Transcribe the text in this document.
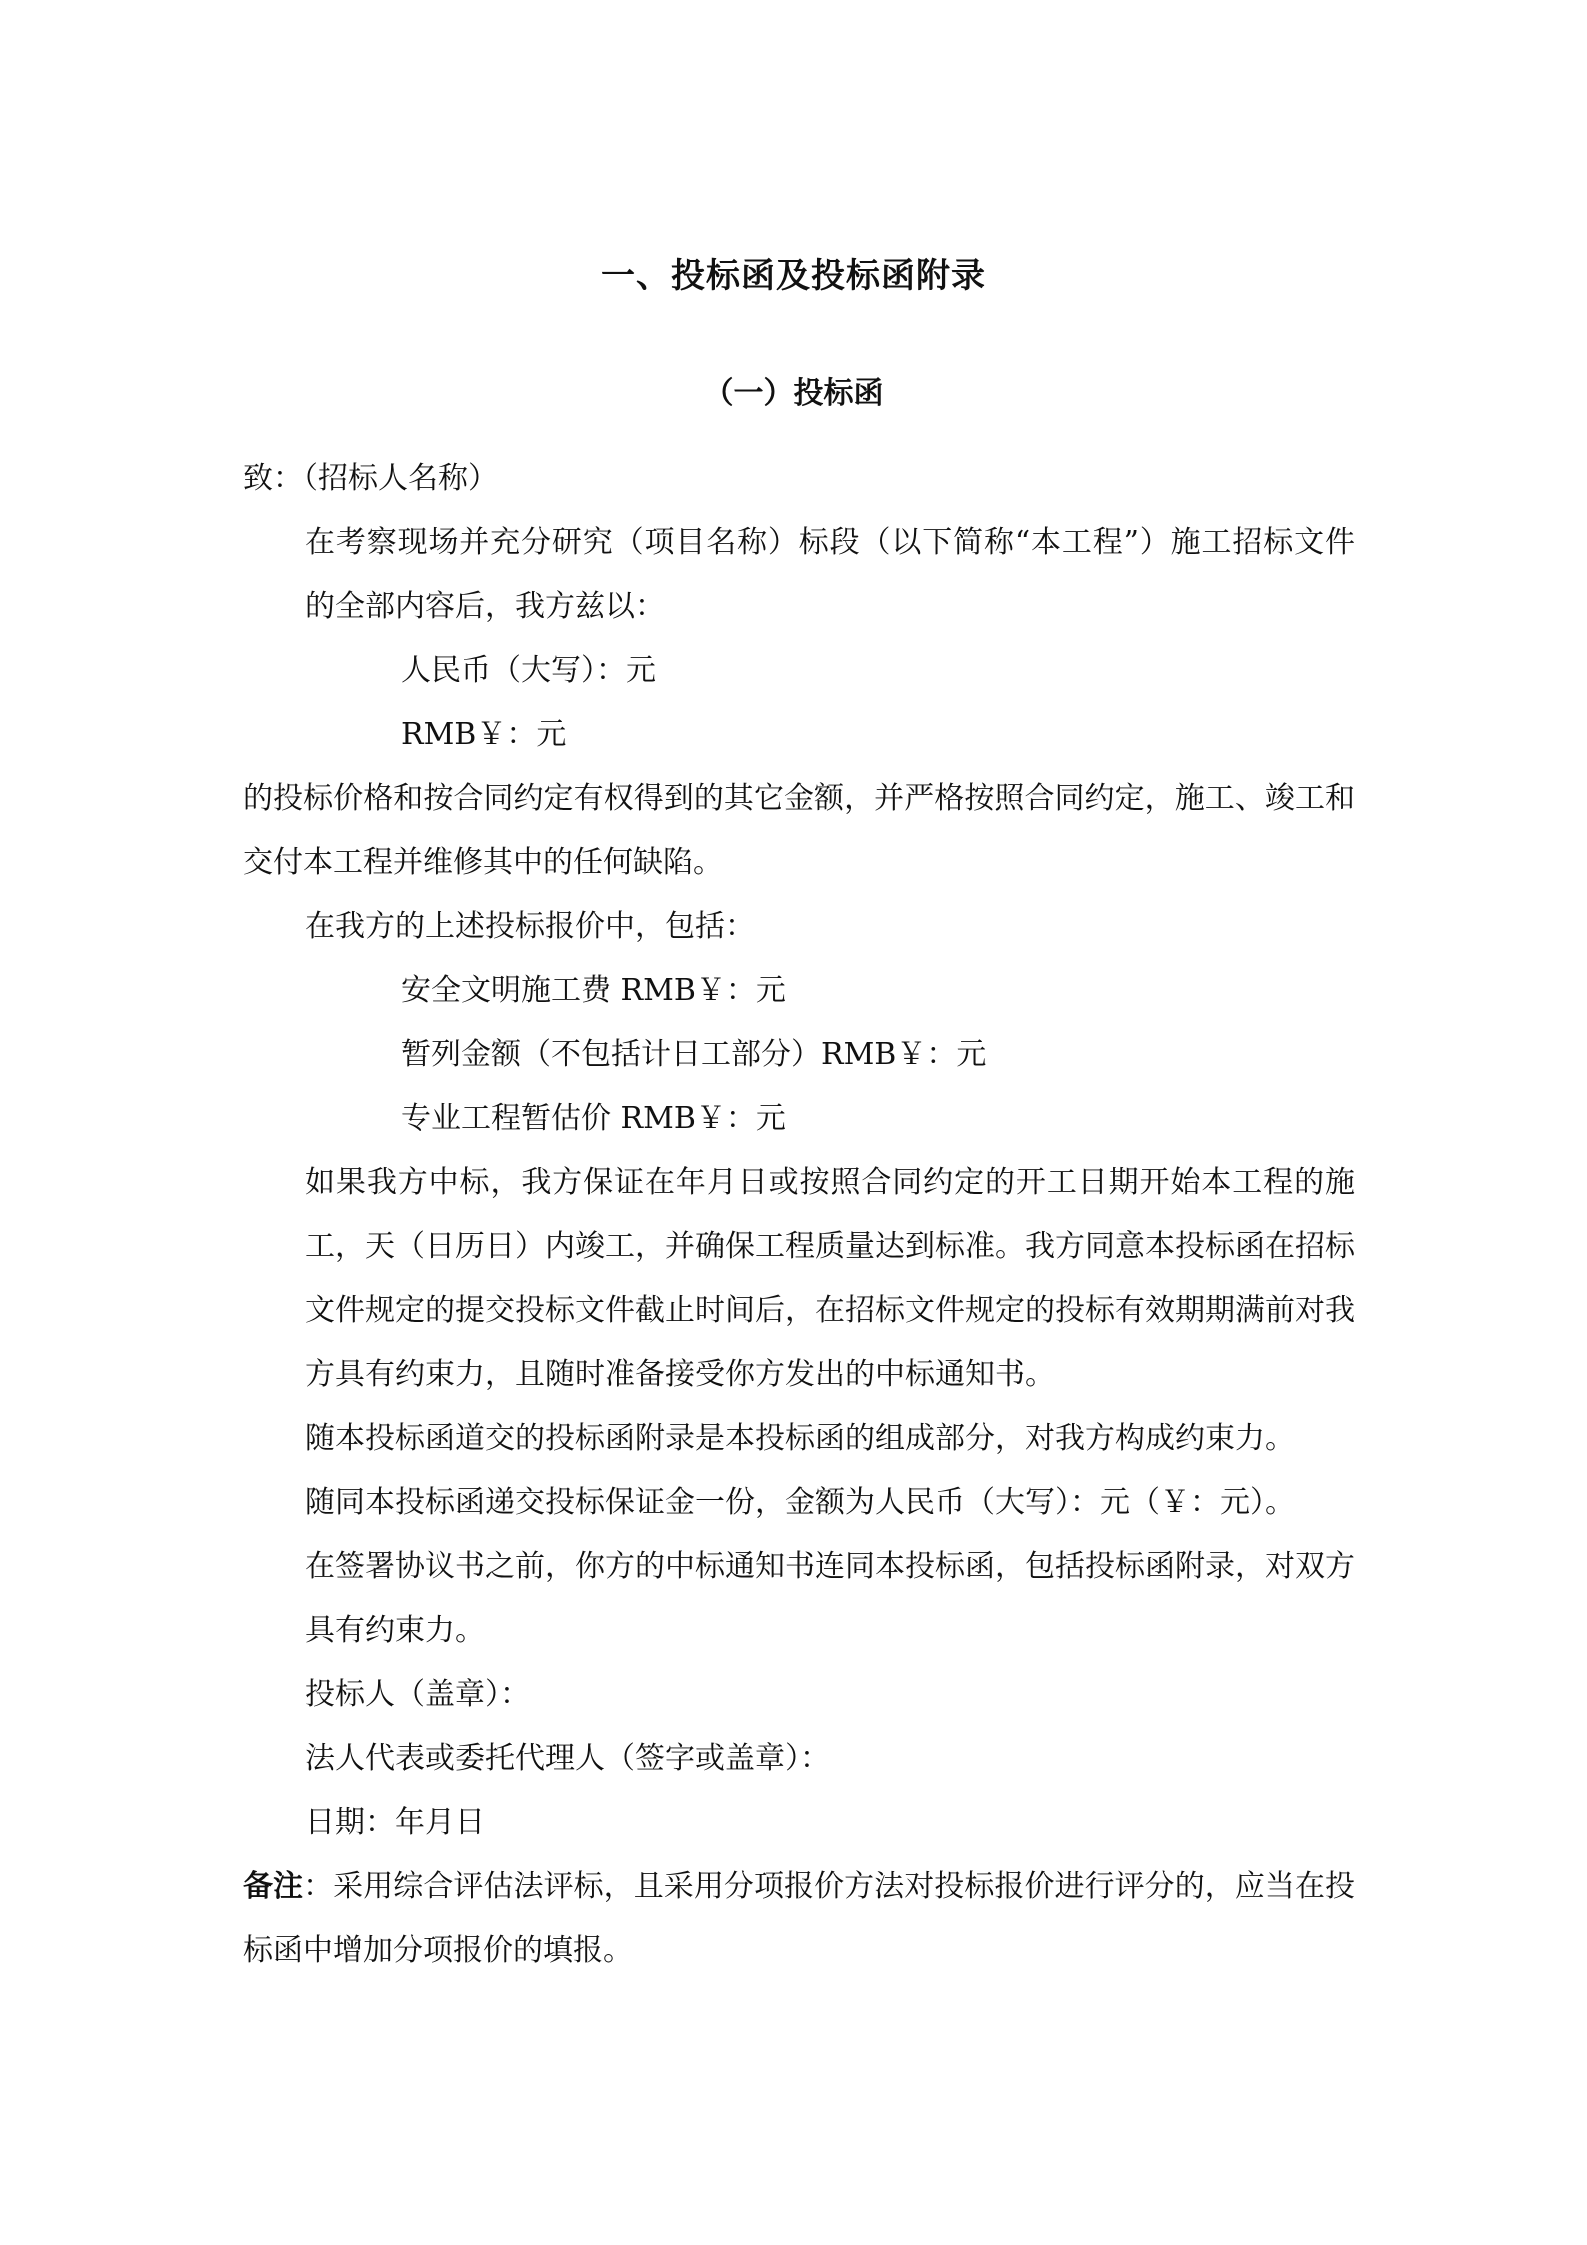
一、投标函及投标函附录
（一）投标函
致：（招标人名称）

在考察现场并充分研究（项目名称）标段（以下简称“本工程”）施工招标文件的全部内容后，我方兹以：

人民币（大写）：元
RMB￥：元

的投标价格和按合同约定有权得到的其它金额，并严格按照合同约定，施工、竣工和交付本工程并维修其中的任何缺陷。

在我方的上述投标报价中，包括：
安全文明施工费 RMB￥：元
暂列金额（不包括计日工部分）RMB￥：元
专业工程暂估价 RMB￥：元

如果我方中标，我方保证在年月日或按照合同约定的开工日期开始本工程的施工，天（日历日）内竣工，并确保工程质量达到标准。我方同意本投标函在招标文件规定的提交投标文件截止时间后，在招标文件规定的投标有效期期满前对我方具有约束力，且随时准备接受你方发出的中标通知书。

随本投标函道交的投标函附录是本投标函的组成部分，对我方构成约束力。
随同本投标函递交投标保证金一份，金额为人民币（大写）：元（￥：元）。

在签署协议书之前，你方的中标通知书连同本投标函，包括投标函附录，对双方具有约束力。

投标人（盖章）：
法人代表或委托代理人（签字或盖章）：
日期：年月日

备注：采用综合评估法评标，且采用分项报价方法对投标报价进行评分的，应当在投标函中增加分项报价的填报。
